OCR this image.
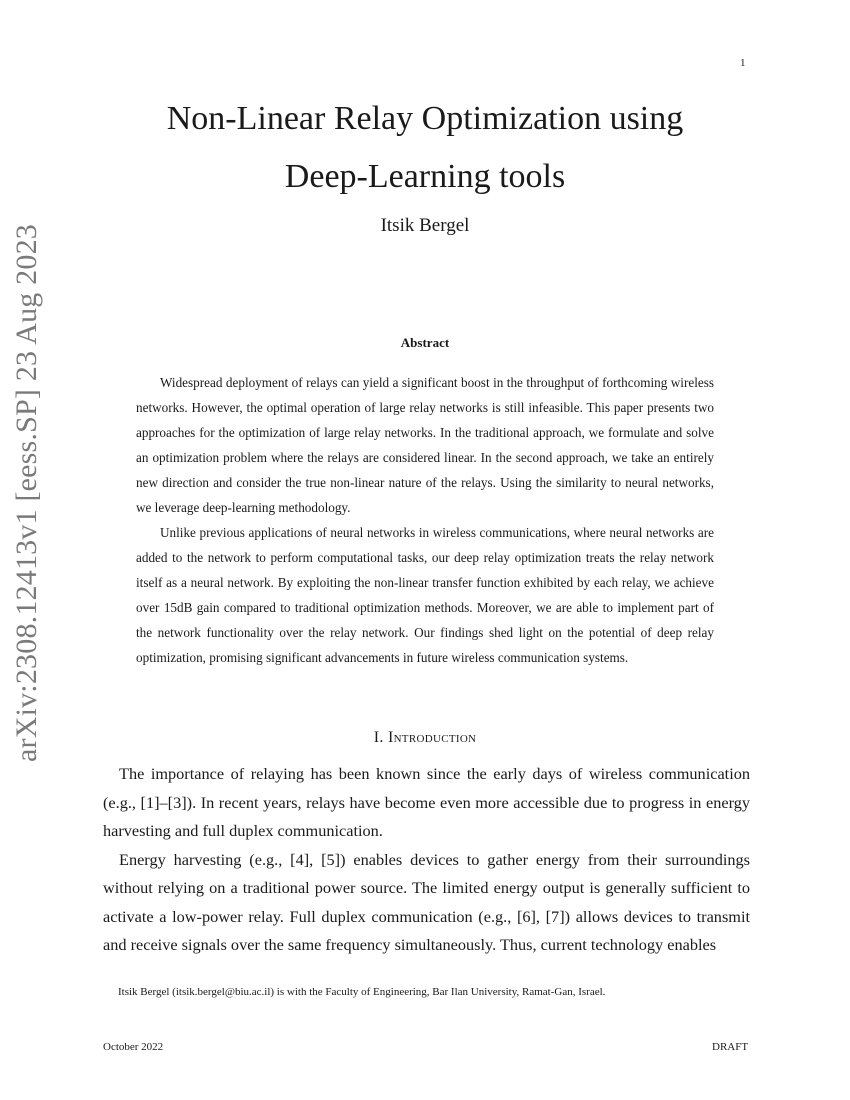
1
arXiv:2308.12413v1 [eess.SP] 23 Aug 2023
Non-Linear Relay Optimization using
Deep-Learning tools
Itsik Bergel
Abstract

Widespread deployment of relays can yield a significant boost in the throughput of forthcoming wireless networks. However, the optimal operation of large relay networks is still infeasible. This paper presents two approaches for the optimization of large relay networks. In the traditional approach, we formulate and solve an optimization problem where the relays are considered linear. In the second approach, we take an entirely new direction and consider the true non-linear nature of the relays. Using the similarity to neural networks, we leverage deep-learning methodology.

Unlike previous applications of neural networks in wireless communications, where neural networks are added to the network to perform computational tasks, our deep relay optimization treats the relay network itself as a neural network. By exploiting the non-linear transfer function exhibited by each relay, we achieve over 15dB gain compared to traditional optimization methods. Moreover, we are able to implement part of the network functionality over the relay network. Our findings shed light on the potential of deep relay optimization, promising significant advancements in future wireless communication systems.

I. Introduction

The importance of relaying has been known since the early days of wireless communication (e.g., [1]–[3]). In recent years, relays have become even more accessible due to progress in energy harvesting and full duplex communication.

Energy harvesting (e.g., [4], [5]) enables devices to gather energy from their surroundings without relying on a traditional power source. The limited energy output is generally sufficient to activate a low-power relay. Full duplex communication (e.g., [6], [7]) allows devices to transmit and receive signals over the same frequency simultaneously. Thus, current technology enables

Itsik Bergel (itsik.bergel@biu.ac.il) is with the Faculty of Engineering, Bar Ilan University, Ramat-Gan, Israel.
October 2022	DRAFT
